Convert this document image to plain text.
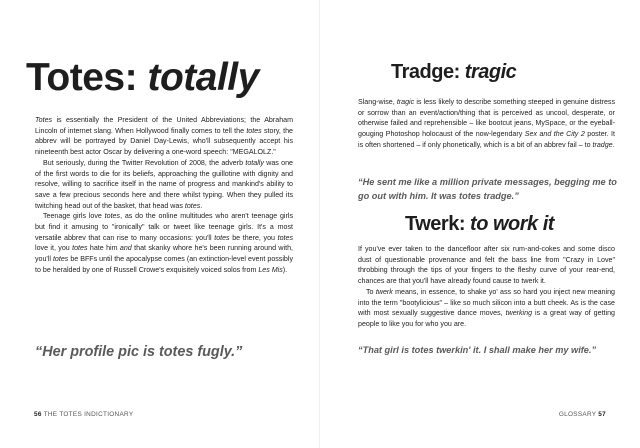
Totes: totally

Totes is essentially the President of the United Abbreviations; the Abraham Lincoln of internet slang. When Hollywood finally comes to tell the totes story, the abbrev will be portrayed by Daniel Day-Lewis, who'll subsequently accept his nineteenth best actor Oscar by delivering a one-word speech: "MEGALOLZ."

But seriously, during the Twitter Revolution of 2008, the adverb totally was one of the first words to die for its beliefs, approaching the guillotine with dignity and resolve, willing to sacrifice itself in the name of progress and mankind's ability to save a few precious seconds here and there whilst typing. When they pulled its twitching head out of the basket, that head was totes.

Teenage girls love totes, as do the online multitudes who aren't teenage girls but find it amusing to "ironically" talk or tweet like teenage girls. It's a most versatile abbrev that can rise to many occasions: you'll totes be there, you totes love it, you totes hate him and that skanky whore he's been running around with, you'll totes be BFFs until the apocalypse comes (an extinction-level event possibly to be heralded by one of Russell Crowe's exquisitely voiced solos from Les Mis).

“Her profile pic is totes fugly.”

56 THE TOTES INDICTIONARY
Tradge: tragic

Slang-wise, tragic is less likely to describe something steeped in genuine distress or sorrow than an event/action/thing that is perceived as uncool, desperate, or otherwise failed and reprehensible – like bootcut jeans, MySpace, or the eyeball-gouging Photoshop holocaust of the now-legendary Sex and the City 2 poster. It is often shortened – if only phonetically, which is a bit of an abbrev fail – to tradge.

“He sent me like a million private messages, begging me to go out with him. It was totes tradge.”

Twerk: to work it

If you've ever taken to the dancefloor after six rum-and-cokes and some disco dust of questionable provenance and felt the bass line from "Crazy in Love" throbbing through the tips of your fingers to the fleshy curve of your rear-end, chances are that you'll have already found cause to twerk it.

To twerk means, in essence, to shake yo' ass so hard you inject new meaning into the term "bootylicious" – like so much silicon into a butt cheek. As is the case with most sexually suggestive dance moves, twerking is a great way of getting people to like you for who you are.

“That girl is totes twerkin' it. I shall make her my wife.”

GLOSSARY 57
